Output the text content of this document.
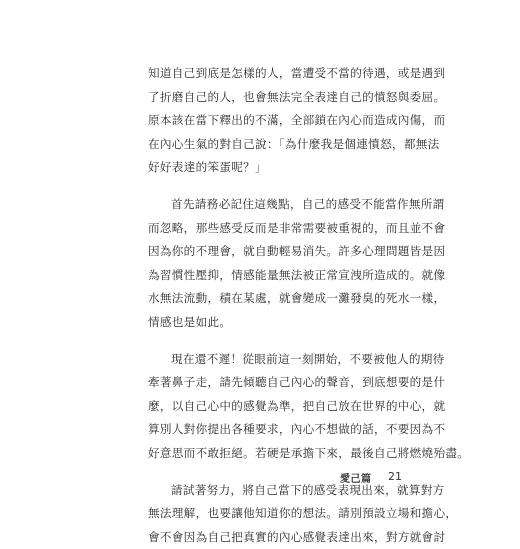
知道自己到底是怎樣的人，當遭受不當的待遇，或是遇到
了折磨自己的人，也會無法完全表達自己的憤怒與委屈。
原本該在當下釋出的不滿，全部鎖在內心而造成內傷，而
在內心生氣的對自己說：「為什麼我是個連憤怒，都無法
好好表達的笨蛋呢？」

首先請務必記住這幾點，自己的感受不能當作無所謂
而忽略，那些感受反而是非常需要被重視的，而且並不會
因為你的不理會，就自動輕易消失。許多心理問題皆是因
為習慣性壓抑，情感能量無法被正常宣洩所造成的。就像
水無法流動，積在某處，就會變成一灘發臭的死水一樣，
情感也是如此。

現在還不遲！從眼前這一刻開始，不要被他人的期待
牽著鼻子走，請先傾聽自己內心的聲音，到底想要的是什
麼，以自己心中的感覺為準，把自己放在世界的中心，就
算別人對你提出各種要求，內心不想做的話，不要因為不
好意思而不敢拒絕。若硬是承擔下來，最後自己將燃燒殆盡。

請試著努力，將自己當下的感受表現出來，就算對方
無法理解，也要讓他知道你的想法。請別預設立場和擔心，
會不會因為自己把真實的內心感覺表達出來，對方就會討

愛己篇	21
